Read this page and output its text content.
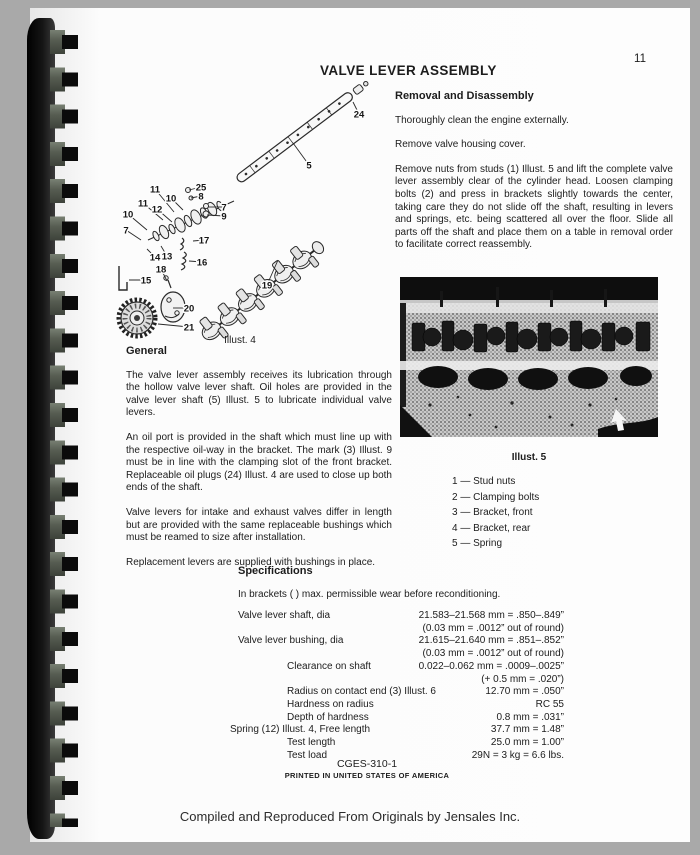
11
VALVE LEVER ASSEMBLY
24
5
25
8
11
10
7
9
11
12
10
7
17
14 13
16
18
15	19
20
21
Illust. 4
Removal and Disassembly

Thoroughly clean the engine externally.

Remove valve housing cover.

Remove nuts from studs (1) Illust. 5 and lift the complete valve lever assembly clear of the cylinder head. Loosen clamping bolts (2) and press in brackets slightly towards the center, taking care they do not slide off the shaft, resulting in levers and springs, etc. being scattered all over the floor. Slide all parts off the shaft and place them on a table in removal order to facilitate correct reassembly.

Illust. 5
1 — Stud nuts
2 — Clamping bolts
3 — Bracket, front
4 — Bracket, rear
5 — Spring
General

The valve lever assembly receives its lubrication through the hollow valve lever shaft. Oil holes are provided in the valve lever shaft (5) Illust. 5 to lubricate individual valve levers.

An oil port is provided in the shaft which must line up with the respective oil-way in the bracket. The mark (3) Illust. 9 must be in line with the clamping slot of the front bracket. Replaceable oil plugs (24) Illust. 4 are used to close up both ends of the shaft.

Valve levers for intake and exhaust valves differ in length but are provided with the same replaceable bushings which must be reamed to size after installation.

Replacement levers are supplied with bushings in place.

Specifications
In brackets ( ) max. permissible wear before reconditioning.
Valve lever shaft, dia	21.583–21.568 mm = .850–.849”
(0.03 mm = .0012” out of round)
Valve lever bushing, dia	21.615–21.640 mm = .851–.852”
(0.03 mm = .0012” out of round)
Clearance on shaft	0.022–0.062 mm = .0009–.0025”
(+ 0.5 mm = .020”)
Radius on contact end (3) Illust. 6	12.70 mm = .050”
Hardness on radius	RC 55
Depth of hardness	0.8 mm = .031”
Spring (12) Illust. 4, Free length	37.7 mm = 1.48”
Test length	25.0 mm = 1.00”
Test load	29N = 3 kg = 6.6 lbs.
CGES-310-1
PRINTED IN UNITED STATES OF AMERICA
Compiled and Reproduced From Originals by Jensales Inc.
